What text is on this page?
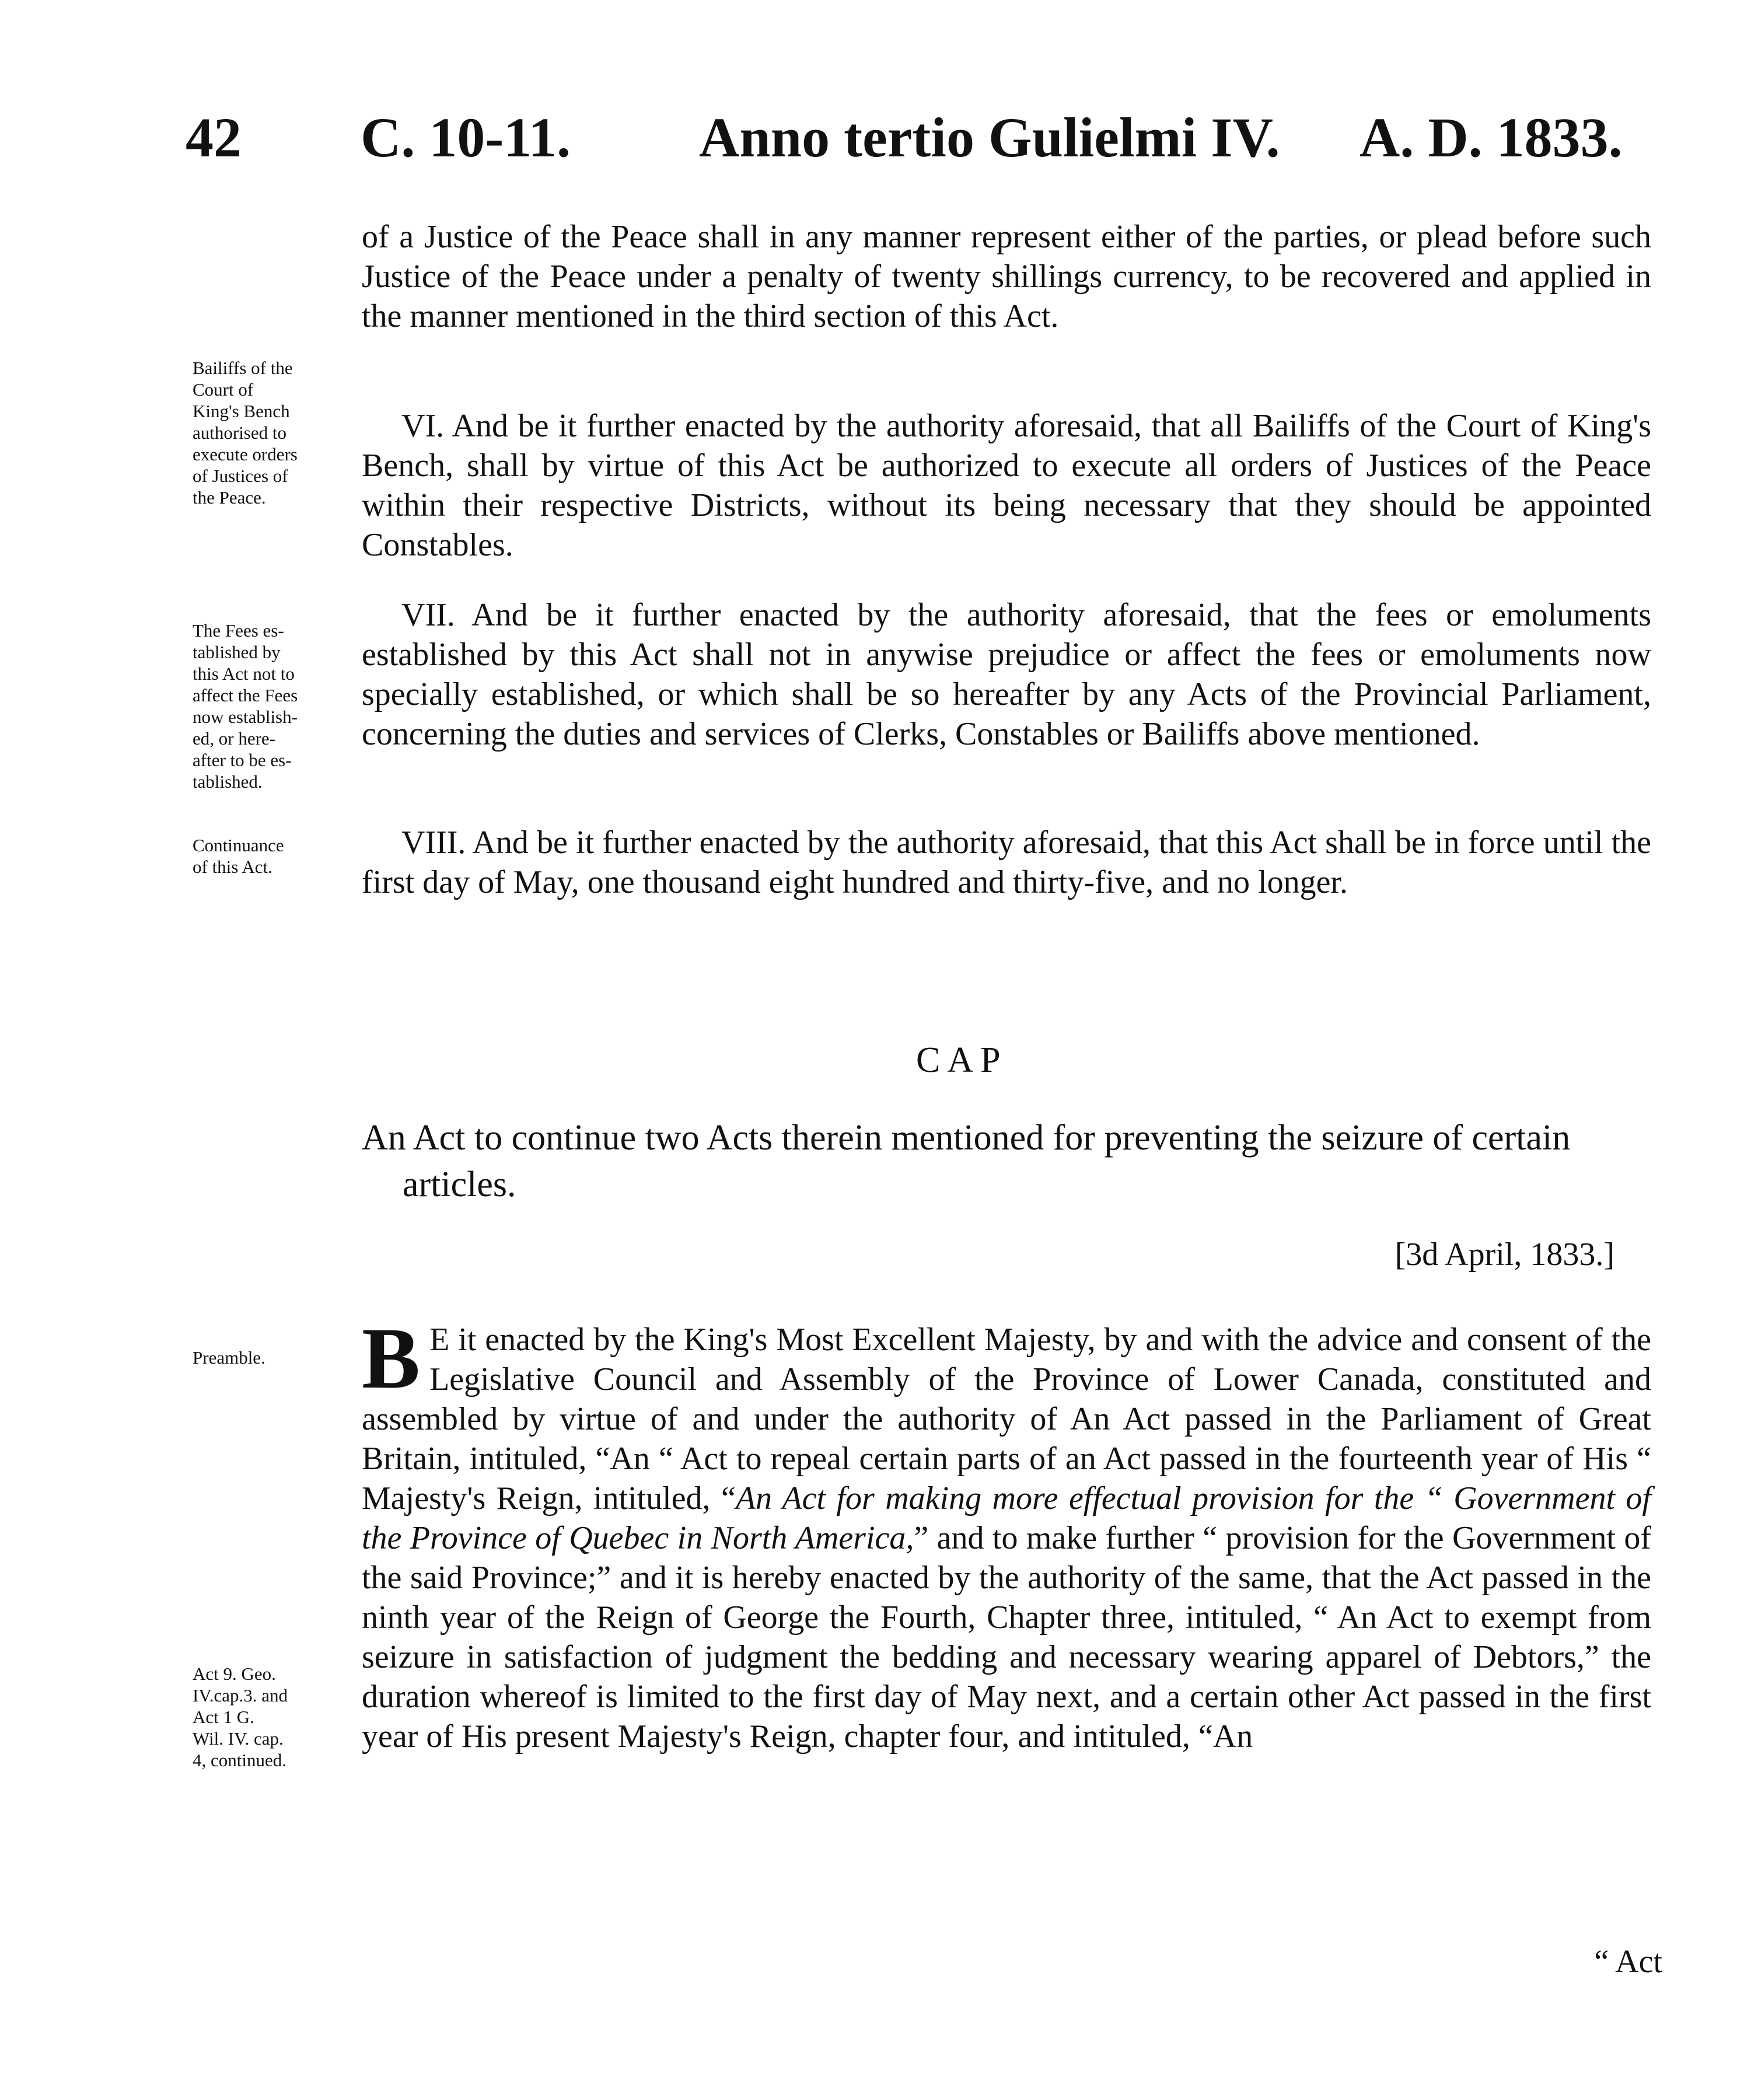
42 C. 10-11. Anno tertio Gulielmi IV. A. D. 1833.
Bailiffs of the
Court of
King's Bench
authorised to
execute orders
of Justices of
the Peace.
The Fees es-
tablished by
this Act not to
affect the Fees
now establish-
ed, or here-
after to be es-
tablished.
Continuance
of this Act.
Preamble.
Act 9. Geo.
IV.cap.3. and
Act 1 G.
Wil. IV. cap.
4, continued.

of a Justice of the Peace shall in any manner represent either of the parties, or plead before such Justice of the Peace under a penalty of twenty shillings currency, to be recovered and applied in the manner mentioned in the third section of this Act.

VI. And be it further enacted by the authority aforesaid, that all Bailiffs of the Court of King's Bench, shall by virtue of this Act be authorized to execute all orders of Justices of the Peace within their respective Districts, without its being necessary that they should be appointed Constables.

VII. And be it further enacted by the authority aforesaid, that the fees or emoluments established by this Act shall not in anywise prejudice or affect the fees or emoluments now specially established, or which shall be so hereafter by any Acts of the Provincial Parliament, concerning the duties and services of Clerks, Constables or Bailiffs above mentioned.

VIII. And be it further enacted by the authority aforesaid, that this Act shall be in force until the first day of May, one thousand eight hundred and thirty-five, and no longer.

CAP
An Act to continue two Acts therein mentioned for preventing the seizure of certain articles.
[3d April, 1833.]

B E it enacted by the King's Most Excellent Majesty, by and with the advice and consent of the Legislative Council and Assembly of the Province of Lower Canada, constituted and assembled by virtue of and under the authority of An Act passed in the Parliament of Great Britain, intituled, “An “ Act to repeal certain parts of an Act passed in the fourteenth year of His “ Majesty's Reign, intituled, “An Act for making more effectual provision for the “ Government of the Province of Quebec in North America,” and to make further “ provision for the Government of the said Province;” and it is hereby enacted by the authority of the same, that the Act passed in the ninth year of the Reign of George the Fourth, Chapter three, intituled, “ An Act to exempt from seizure in satisfaction of judgment the bedding and necessary wearing apparel of Debtors,” the duration whereof is limited to the first day of May next, and a certain other Act passed in the first year of His present Majesty's Reign, chapter four, and intituled, “An

“ Act
